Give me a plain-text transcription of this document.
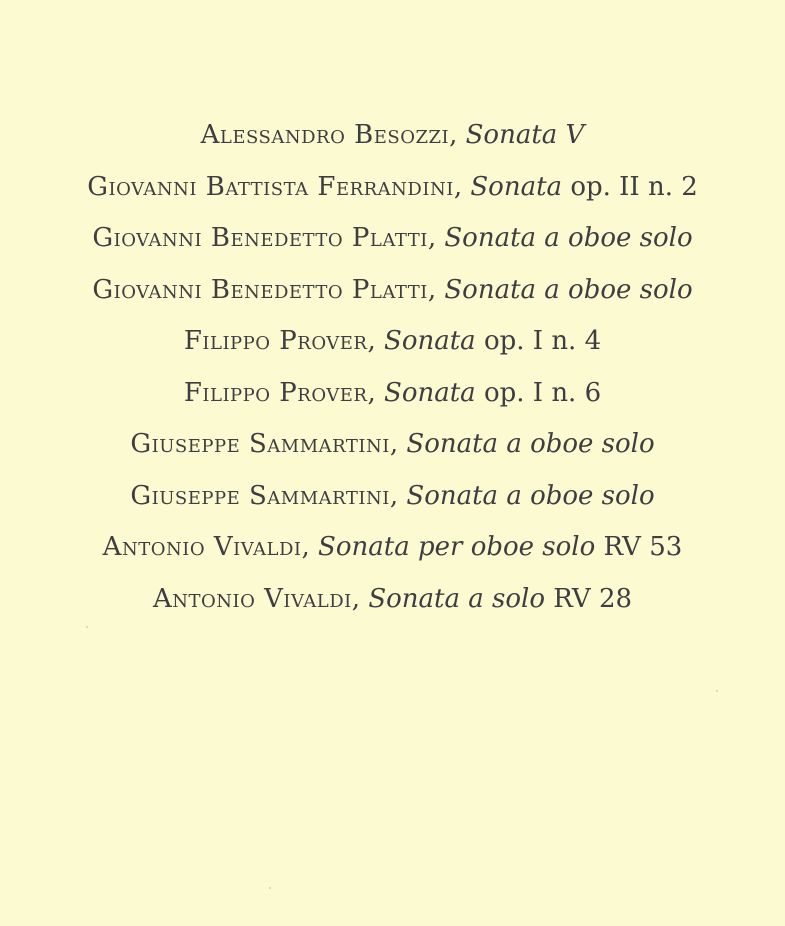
Alessandro Besozzi, Sonata V
Giovanni Battista Ferrandini, Sonata op. II n. 2
Giovanni Benedetto Platti, Sonata a oboe solo
Giovanni Benedetto Platti, Sonata a oboe solo
Filippo Prover, Sonata op. I n. 4
Filippo Prover, Sonata op. I n. 6
Giuseppe Sammartini, Sonata a oboe solo
Giuseppe Sammartini, Sonata a oboe solo
Antonio Vivaldi, Sonata per oboe solo RV 53
Antonio Vivaldi, Sonata a solo RV 28
